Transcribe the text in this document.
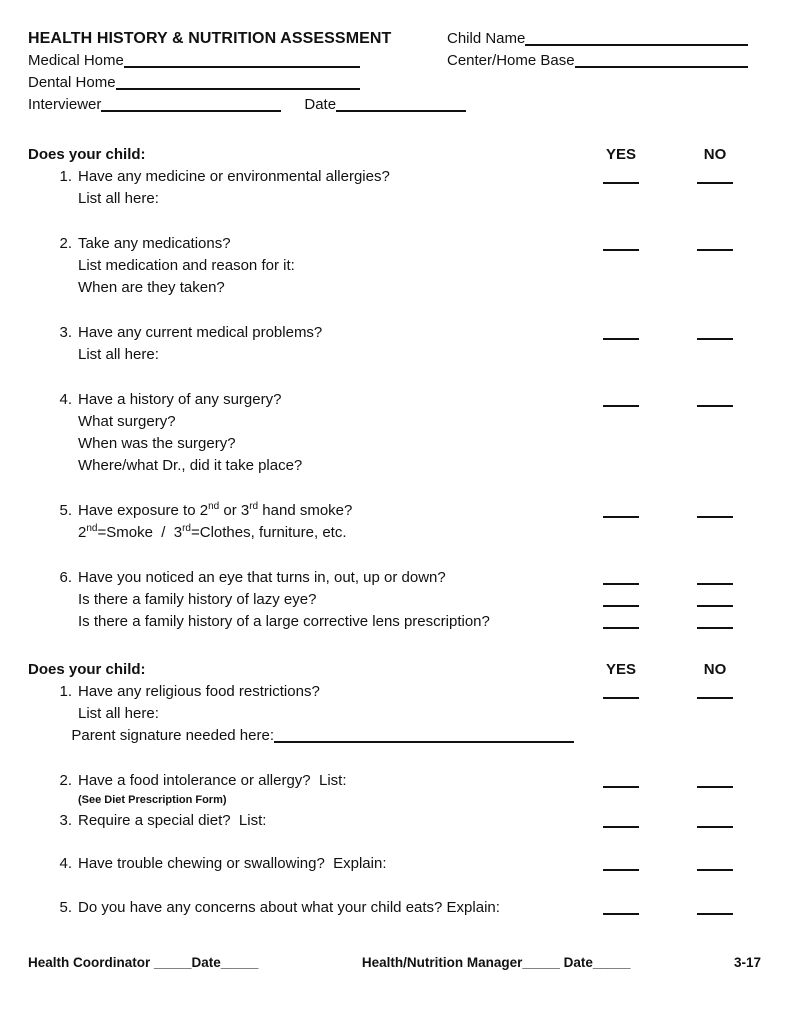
HEALTH HISTORY & NUTRITION ASSESSMENT	Child Name
Medical Home	Center/Home Base
Dental Home
Interviewer	Date
Does your child:	YES	NO
1. Have any medicine or environmental allergies?
List all here:
2. Take any medications?
List medication and reason for it:
When are they taken?
3. Have any current medical problems?
List all here:
4. Have a history of any surgery?
What surgery?
When was the surgery?
Where/what Dr., did it take place?
5. Have exposure to 2nd or 3rd hand smoke?
2nd=Smoke  /  3rd=Clothes, furniture, etc.
6. Have you noticed an eye that turns in, out, up or down?
Is there a family history of lazy eye?
Is there a family history of a large corrective lens prescription?
Does your child:	YES	NO
1. Have any religious food restrictions?
List all here:
Parent signature needed here:
2. Have a food intolerance or allergy?  List:
(See Diet Prescription Form)
3. Require a special diet?  List:
4. Have trouble chewing or swallowing?  Explain:
5. Do you have any concerns about what your child eats? Explain:
Health Coordinator _____Date_____	Health/Nutrition Manager_____ Date_____	3-17
